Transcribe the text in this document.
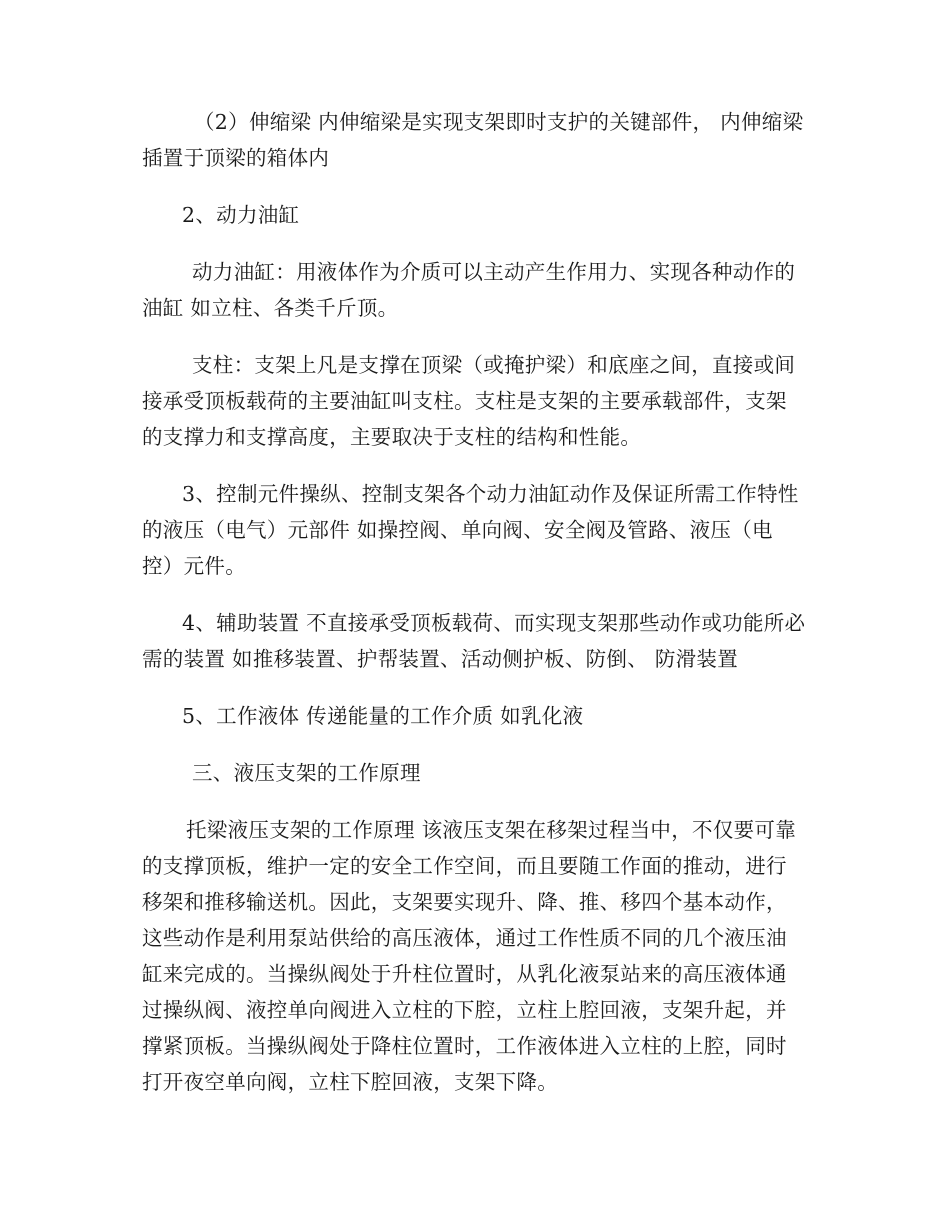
（2）伸缩梁 内伸缩梁是实现支架即时支护的关键部件， 内伸缩梁插置于顶梁的箱体内

2、动力油缸

动力油缸：用液体作为介质可以主动产生作用力、实现各种动作的油缸 如立柱、各类千斤顶。

支柱：支架上凡是支撑在顶梁（或掩护梁）和底座之间，直接或间接承受顶板载荷的主要油缸叫支柱。支柱是支架的主要承载部件，支架的支撑力和支撑高度，主要取决于支柱的结构和性能。

3、控制元件操纵、控制支架各个动力油缸动作及保证所需工作特性的液压（电气）元部件 如操控阀、单向阀、安全阀及管路、液压（电 控）元件。

4、辅助装置 不直接承受顶板载荷、而实现支架那些动作或功能所必需的装置 如推移装置、护帮装置、活动侧护板、防倒、 防滑装置

5、工作液体 传递能量的工作介质 如乳化液

三、液压支架的工作原理

托梁液压支架的工作原理 该液压支架在移架过程当中，不仅要可靠的支撑顶板，维护一定的安全工作空间，而且要随工作面的推动，进行移架和推移输送机。因此，支架要实现升、降、推、移四个基本动作，这些动作是利用泵站供给的高压液体，通过工作性质不同的几个液压油缸来完成的。当操纵阀处于升柱位置时，从乳化液泵站来的高压液体通过操纵阀、液控单向阀进入立柱的下腔，立柱上腔回液，支架升起，并撑紧顶板。当操纵阀处于降柱位置时，工作液体进入立柱的上腔，同时打开夜空单向阀，立柱下腔回液，支架下降。
